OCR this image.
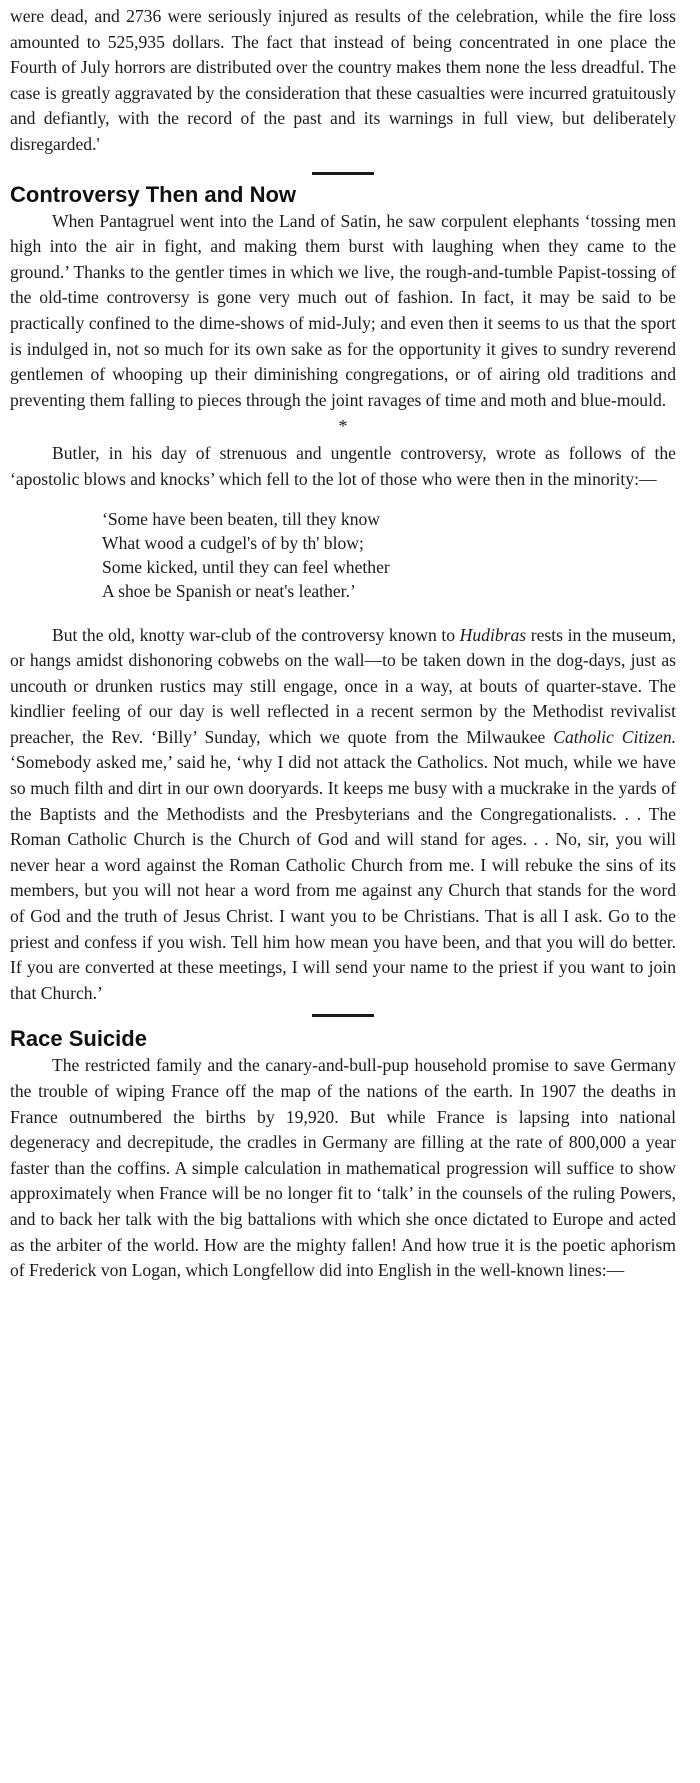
were dead, and 2736 were seriously injured as results of the celebration, while the fire loss amounted to 525,935 dollars. The fact that instead of being concentrated in one place the Fourth of July horrors are distributed over the country makes them none the less dreadful. The case is greatly aggravated by the consideration that these casualties were incurred gratuitously and defiantly, with the record of the past and its warnings in full view, but deliberately disregarded.'

Controversy Then and Now

When Pantagruel went into the Land of Satin, he saw corpulent elephants ‘tossing men high into the air in fight, and making them burst with laughing when they came to the ground.’ Thanks to the gentler times in which we live, the rough-and-tumble Papist-tossing of the old-time controversy is gone very much out of fashion. In fact, it may be said to be practically confined to the dime-shows of mid-July; and even then it seems to us that the sport is indulged in, not so much for its own sake as for the opportunity it gives to sundry reverend gentlemen of whooping up their diminishing congregations, or of airing old traditions and preventing them falling to pieces through the joint ravages of time and moth and blue-mould.

*

Butler, in his day of strenuous and ungentle controversy, wrote as follows of the ‘apostolic blows and knocks’ which fell to the lot of those who were then in the minority:—

‘Some have been beaten, till they know
What wood a cudgel's of by th' blow;
Some kicked, until they can feel whether
A shoe be Spanish or neat's leather.’

But the old, knotty war-club of the controversy known to Hudibras rests in the museum, or hangs amidst dishonoring cobwebs on the wall—to be taken down in the dog-days, just as uncouth or drunken rustics may still engage, once in a way, at bouts of quarter-stave. The kindlier feeling of our day is well reflected in a recent sermon by the Methodist revivalist preacher, the Rev. ‘Billy’ Sunday, which we quote from the Milwaukee Catholic Citizen. ‘Somebody asked me,’ said he, ‘why I did not attack the Catholics. Not much, while we have so much filth and dirt in our own dooryards. It keeps me busy with a muckrake in the yards of the Baptists and the Methodists and the Presbyterians and the Congregationalists. . . The Roman Catholic Church is the Church of God and will stand for ages. . . No, sir, you will never hear a word against the Roman Catholic Church from me. I will rebuke the sins of its members, but you will not hear a word from me against any Church that stands for the word of God and the truth of Jesus Christ. I want you to be Christians. That is all I ask. Go to the priest and confess if you wish. Tell him how mean you have been, and that you will do better. If you are converted at these meetings, I will send your name to the priest if you want to join that Church.’

Race Suicide

The restricted family and the canary-and-bull-pup household promise to save Germany the trouble of wiping France off the map of the nations of the earth. In 1907 the deaths in France outnumbered the births by 19,920. But while France is lapsing into national degeneracy and decrepitude, the cradles in Germany are filling at the rate of 800,000 a year faster than the coffins. A simple calculation in mathematical progression will suffice to show approximately when France will be no longer fit to ‘talk’ in the counsels of the ruling Powers, and to back her talk with the big battalions with which she once dictated to Europe and acted as the arbiter of the world. How are the mighty fallen! And how true it is the poetic aphorism of Frederick von Logan, which Longfellow did into English in the well-known lines:—
